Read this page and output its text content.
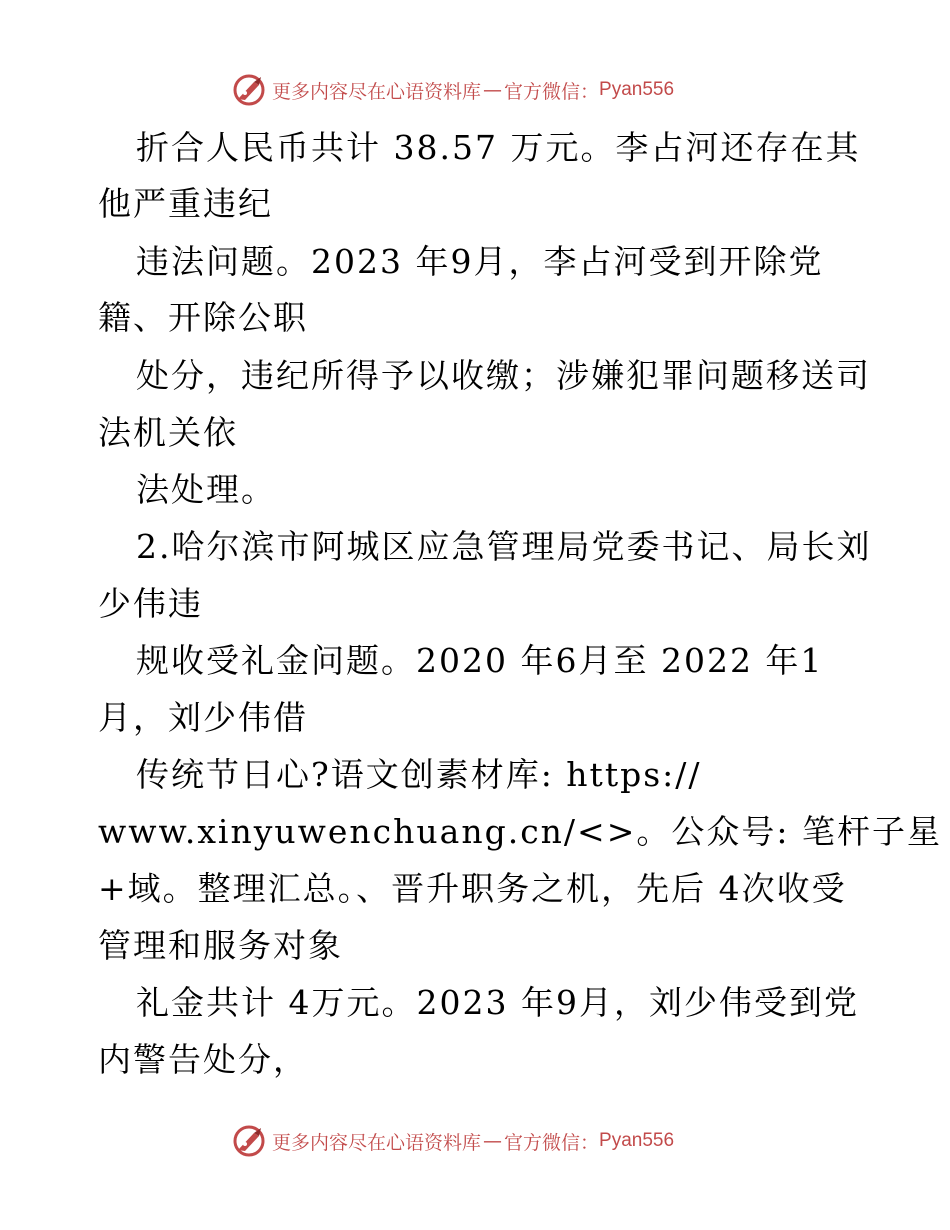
更多内容尽在心语资料库 — 官方微信： Pyan556
折合人民币共计 38.57 万元。李占河还存在其
他严重违纪
违法问题。2023 年9月，李占河受到开除党
籍、开除公职
处分，违纪所得予以收缴；涉嫌犯罪问题移送司
法机关依
法处理。
2.哈尔滨市阿城区应急管理局党委书记、局长刘
少伟违
规收受礼金问题。2020 年6月至 2022 年1
月，刘少伟借
传统节日心?语文创素材库: https://
www.xinyuwenchuang.cn/<>。公众号: 笔杆子星
+域。整理汇总。、晋升职务之机，先后 4次收受
管理和服务对象
礼金共计 4万元。2023 年9月，刘少伟受到党
内警告处分，
更多内容尽在心语资料库 — 官方微信： Pyan556
